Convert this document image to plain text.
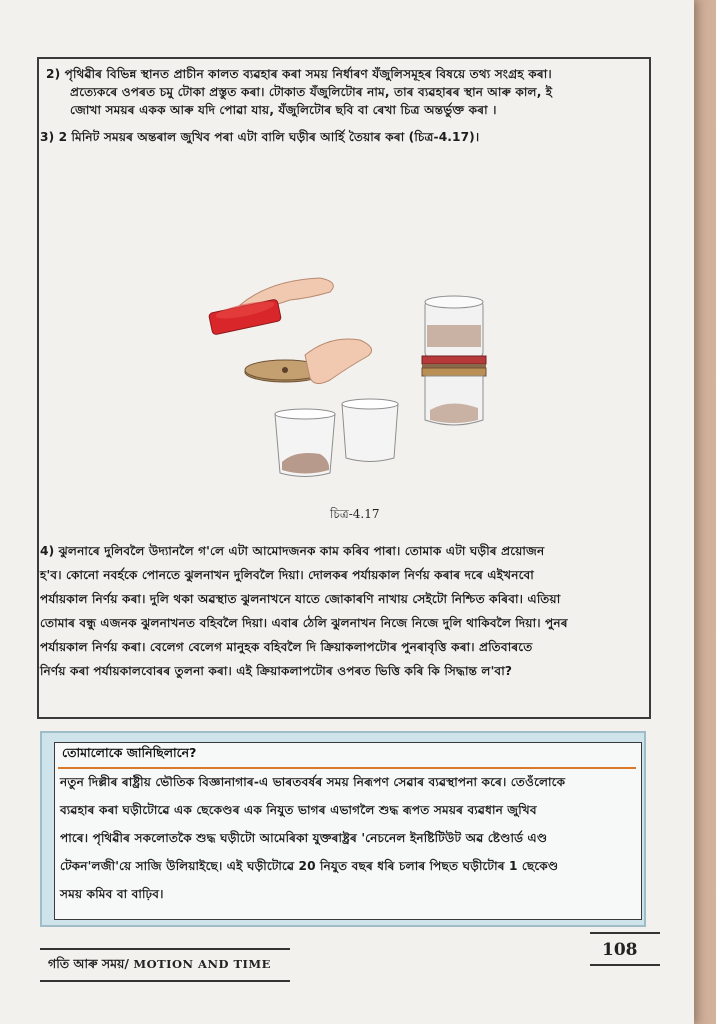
2) পৃথিৱীৰ বিভিন্ন স্থানত প্ৰাচীন কালত ব্যৱহাৰ কৰা সময় নিৰ্ধাৰণ যঁজুলিসমূহৰ বিষয়ে তথ্য সংগ্ৰহ কৰা।
প্ৰত্যেকৰে ওপৰত চমু টোকা প্ৰস্তুত কৰা। টোকাত যঁজুলিটোৰ নাম, তাৰ ব্যৱহাৰৰ স্থান আৰু কাল, ই
জোখা সময়ৰ একক আৰু যদি পোৱা যায়, যঁজুলিটোৰ ছবি বা ৰেখা চিত্ৰ অন্তৰ্ভুক্ত কৰা ।
3) 2 মিনিট সময়ৰ অন্তৰাল জুখিব পৰা এটা বালি ঘড়ীৰ আৰ্হি তৈয়াৰ কৰা (চিত্ৰ-4.17)।
চিত্ৰ-4.17
4) ঝুলনাৰে দুলিবলৈ উদ্যানলৈ গ'লে এটা আমোদজনক কাম কৰিব পাৰা। তোমাক এটা ঘড়ীৰ প্ৰয়োজন
হ'ব। কোনো নবৰ্হকে পোনতে ঝুলনাখন দুলিবলৈ দিয়া। দোলকৰ পৰ্যায়কাল নিৰ্ণয় কৰাৰ দৰে এইখনবো
পৰ্যায়কাল নিৰ্ণয় কৰা। দুলি থকা অৱস্থাত ঝুলনাখনে যাতে জোকাৰণি নাখায় সেইটো নিশ্চিত কৰিবা। এতিয়া
তোমাৰ বন্ধু এজনক ঝুলনাখনত বহিবলৈ দিয়া। এবাৰ ঠেলি ঝুলনাখন নিজে নিজে দুলি থাকিবলৈ দিয়া। পুনৰ
পৰ্যায়কাল নিৰ্ণয় কৰা। বেলেগ বেলেগ মানুহক বহিবলৈ দি ক্ৰিয়াকলাপটোৰ পুনৰাবৃত্তি কৰা। প্ৰতিবাৰতে
নিৰ্ণয় কৰা পৰ্যায়কালবোৰৰ তুলনা কৰা। এই ক্ৰিয়াকলাপটোৰ ওপৰত ভিত্তি কৰি কি সিদ্ধান্ত ল'বা?
তোমালোকে জানিছিলানে?
নতুন দিল্লীৰ ৰাষ্ট্ৰীয় ভৌতিক বিজ্ঞানাগাৰ-এ ভাৰতবৰ্ষৰ সময় নিৰূপণ সেৱাৰ ব্যৱস্থাপনা কৰে। তেওঁলোকে
ব্যৱহাৰ কৰা ঘড়ীটোৱে এক ছেকেণ্ডৰ এক নিযুত ভাগৰ এভাগলৈ শুদ্ধ ৰূপত সময়ৰ ব্যৱধান জুখিব
পাৰে। পৃথিৱীৰ সকলোতকৈ শুদ্ধ ঘড়ীটো আমেৰিকা যুক্তৰাষ্ট্ৰৰ 'নেচনেল ইনষ্টিটিউট অৱ ষ্টেণ্ডাৰ্ড এণ্ড
টেকন'লজী'য়ে সাজি উলিয়াইছে। এই ঘড়ীটোৱে 20 নিযুত বছৰ ধৰি চলাৰ পিছত ঘড়ীটোৰ 1 ছেকেণ্ড
সময় কমিব বা বাঢ়িব।
গতি আৰু সময়/ MOTION AND TIME
108
